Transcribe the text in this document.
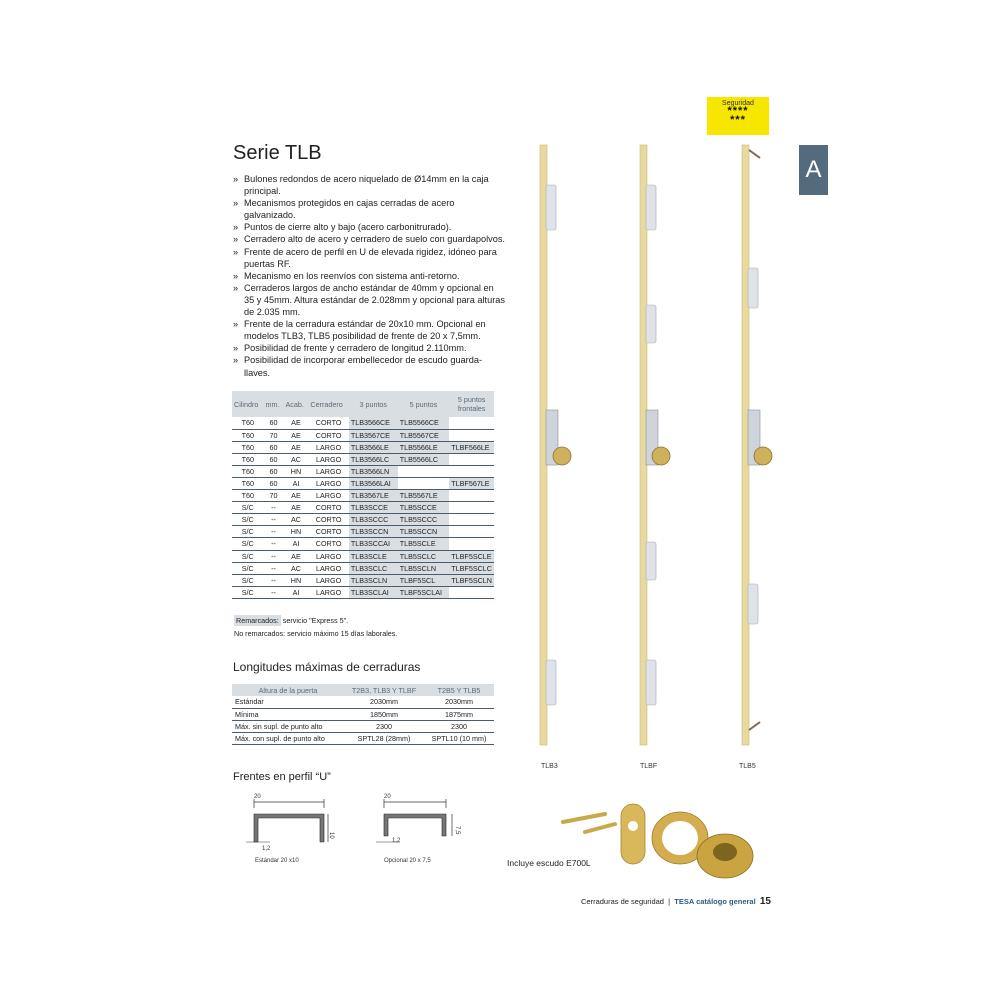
Seguridad
****
***
A
Serie TLB
» Bulones redondos de acero niquelado de Ø14mm en la caja principal.
» Mecanismos protegidos en cajas cerradas de acero galvanizado.
» Puntos de cierre alto y bajo (acero carbonitrurado).
» Cerradero alto de acero y cerradero de suelo con guardapolvos.
» Frente de acero de perfil en U de elevada rigidez, idóneo para puertas RF.
» Mecanismo en los reenvíos con sistema anti-retorno.
» Cerraderos largos de ancho estándar de 40mm y opcional en 35 y 45mm. Altura estándar de 2.028mm y opcional para alturas de 2.035 mm.
» Frente de la cerradura estándar de 20x10 mm. Opcional en modelos TLB3, TLB5 posibilidad de frente de 20 x 7,5mm.
» Posibilidad de frente y cerradero de longitud 2.110mm.
» Posibilidad de incorporar embellecedor de escudo guarda-llaves.
Cilindro	mm.	Acab.	Cerradero	3 puntos	5 puntos	5 puntos frontales
T60	60	AE	CORTO	TLB3566CE	TLB5566CE	
T60	70	AE	CORTO	TLB3567CE	TLB5567CE	
T60	60	AE	LARGO	TLB3566LE	TLB5566LE	TLBF566LE
T60	60	AC	LARGO	TLB3566LC	TLB5566LC	
T60	60	HN	LARGO	TLB3566LN		
T60	60	AI	LARGO	TLB3566LAI		TLBF567LE
T60	70	AE	LARGO	TLB3567LE	TLB5567LE	
S/C	--	AE	CORTO	TLB3SCCE	TLB5SCCE	
S/C	--	AC	CORTO	TLB3SCCC	TLB5SCCC	
S/C	--	HN	CORTO	TLB3SCCN	TLB5SCCN	
S/C	--	AI	CORTO	TLB3SCCAI	TLB5SCLE	
S/C	--	AE	LARGO	TLB3SCLE	TLB5SCLC	TLBF5SCLE
S/C	--	AC	LARGO	TLB3SCLC	TLB5SCLN	TLBF5SCLC
S/C	--	HN	LARGO	TLB3SCLN	TLBF5SCL	TLBF5SCLN
S/C	--	AI	LARGO	TLB3SCLAI	TLBF5SCLAI	
Remarcados: servicio "Express 5".
No remarcados: servicio máximo 15 días laborales.
Longitudes máximas de cerraduras
Altura de la puerta	T2B3, TLB3 Y TLBF	T2B5 Y TLB5
Estándar	2030mm	2030mm
Mínima	1850mm	1875mm
Máx. sin supl. de punto alto	2300	2300
Máx. con supl. de punto alto	SPTL28 (28mm)	SPTL10 (10 mm)
Frentes en perfil “U”
20
10
1,2
Estándar 20 x10
20
7,5
1,2
Opcional 20 x 7,5
TLB3	TLBF	TLB5
Incluye escudo E700L
Cerraduras de seguridad | TESA catálogo general 15
